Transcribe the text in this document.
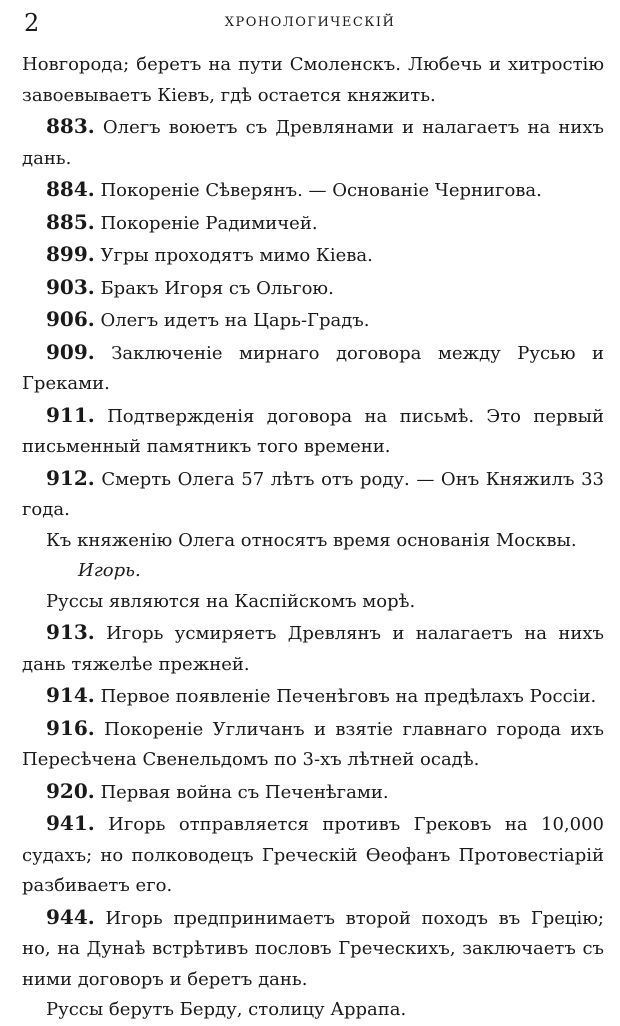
2	ХРОНОЛОГИЧЕСКІЙ

Новгорода; беретъ на пути Смоленскъ. Любечь и хитростію завоевываетъ Кіевъ, гдѣ остается княжить.

883. Олегъ воюетъ съ Древлянами и налагаетъ на нихъ дань.

884. Покореніе Сѣверянъ. — Основаніе Чернигова.

885. Покореніе Радимичей.

899. Угры проходятъ мимо Кіева.

903. Бракъ Игоря съ Ольгою.

906. Олегъ идетъ на Царь-Градъ.

909. Заключеніе мирнаго договора между Русью и Греками.

911. Подтвержденія договора на письмѣ. Это первый письменный памятникъ того времени.

912. Смерть Олега 57 лѣтъ отъ роду. — Онъ Княжилъ 33 года.

Къ княженію Олега относятъ время основанія Москвы.

Игорь.

Руссы являются на Каспійскомъ морѣ.

913. Игорь усмиряетъ Древлянъ и налагаетъ на нихъ дань тяжелѣе прежней.

914. Первое появленіе Печенѣговъ на предѣлахъ Россіи.

916. Покореніе Угличанъ и взятіе главнаго города ихъ Пересѣчена Свенельдомъ по 3-хъ лѣтней осадѣ.

920. Первая война съ Печенѣгами.

941. Игорь отправляется противъ Грековъ на 10,000 судахъ; но полководецъ Греческій Ѳеофанъ Протовестіарій разбиваетъ его.

944. Игорь предпринимаетъ второй походъ въ Грецію; но, на Дунаѣ встрѣтивъ пословъ Греческихъ, заключаетъ съ ними договоръ и беретъ дань.

Руссы берутъ Берду, столицу Аррапа.
